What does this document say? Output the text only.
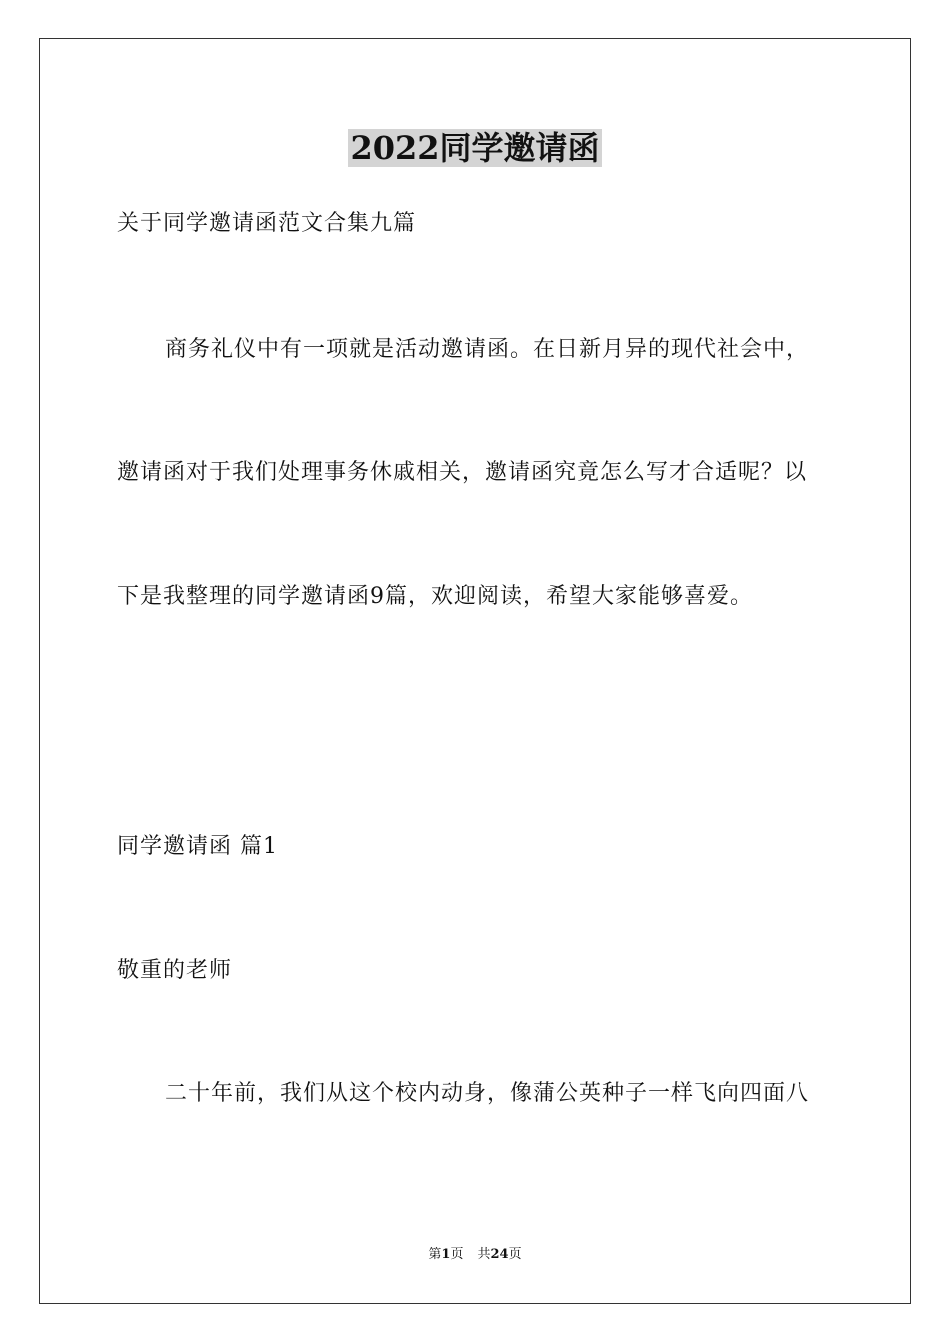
2022同学邀请函
关于同学邀请函范文合集九篇
商务礼仪中有一项就是活动邀请函。在日新月异的现代社会中，
邀请函对于我们处理事务休戚相关，邀请函究竟怎么写才合适呢？以
下是我整理的同学邀请函9篇，欢迎阅读，希望大家能够喜爱。
同学邀请函 篇1
敬重的老师
二十年前，我们从这个校内动身，像蒲公英种子一样飞向四面八
第1页 共24页
